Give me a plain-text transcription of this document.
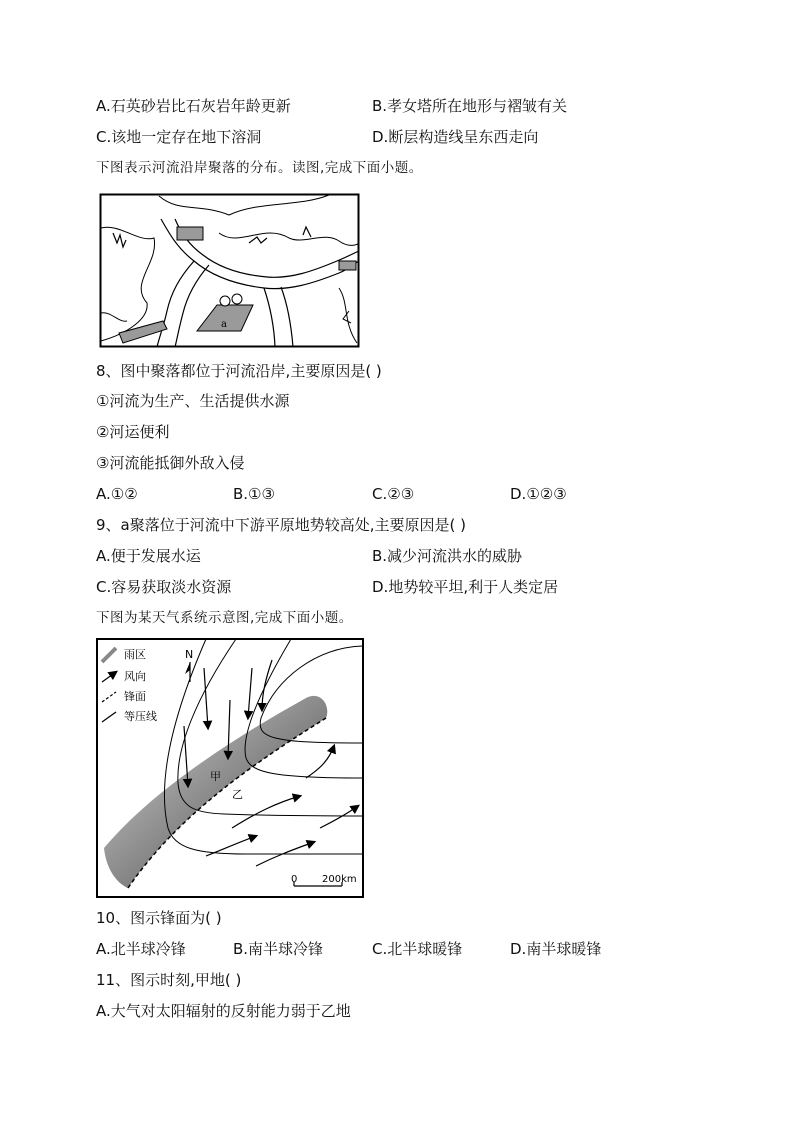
A.石英砂岩比石灰岩年龄更新	B.孝女塔所在地形与褶皱有关
C.该地一定存在地下溶洞	D.断层构造线呈东西走向
下图表示河流沿岸聚落的分布。读图,完成下面小题。
a
8、图中聚落都位于河流沿岸,主要原因是( )
①河流为生产、生活提供水源
②河运便利
③河流能抵御外敌入侵
A.①②	B.①③	C.②③	D.①②③
9、a聚落位于河流中下游平原地势较高处,主要原因是( )
A.便于发展水运	B.减少河流洪水的威胁
C.容易获取淡水资源	D.地势较平坦,利于人类定居
下图为某天气系统示意图,完成下面小题。
雨区
风向
锋面
等压线
N
甲
乙
0 200km
10、图示锋面为( )
A.北半球冷锋	B.南半球冷锋	C.北半球暖锋	D.南半球暖锋
11、图示时刻,甲地( )
A.大气对太阳辐射的反射能力弱于乙地
